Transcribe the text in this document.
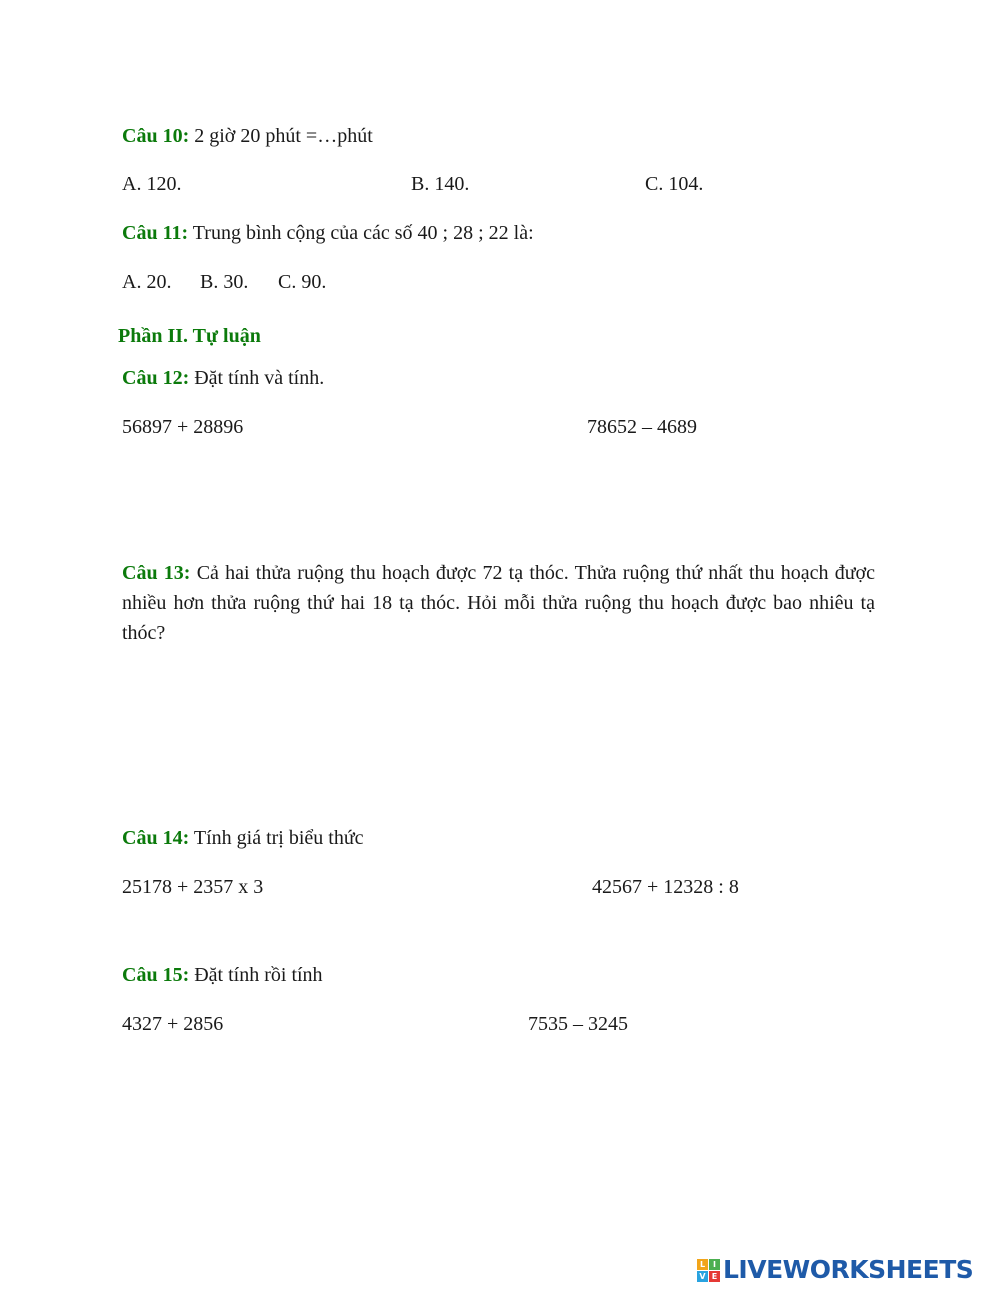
Câu 10: 2 giờ 20 phút =…phút
A. 120.	B. 140.	C. 104.
Câu 11: Trung bình cộng của các số 40 ; 28 ; 22 là:
A. 20. B. 30. C. 90.
Phần II. Tự luận
Câu 12: Đặt tính và tính.
56897 + 28896	78652 – 4689
Câu 13: Cả hai thửa ruộng thu hoạch được 72 tạ thóc. Thửa ruộng thứ nhất thu hoạch được nhiều hơn thửa ruộng thứ hai 18 tạ thóc. Hỏi mỗi thửa ruộng thu hoạch được bao nhiêu tạ thóc?
Câu 14: Tính giá trị biểu thức
25178 + 2357 x 3	42567 + 12328 : 8
Câu 15: Đặt tính rồi tính
4327 + 2856	7535 – 3245
L I
V E LIVEWORKSHEETS
